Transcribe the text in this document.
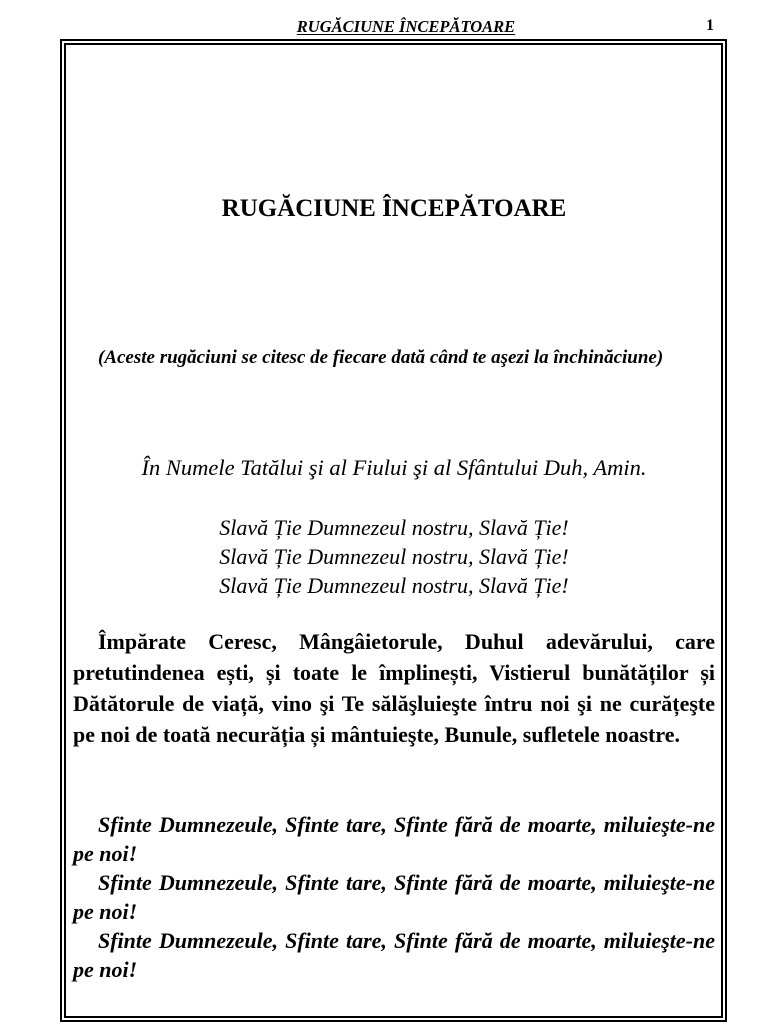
RUGĂCIUNE ÎNCEPĂTOARE	1
RUGĂCIUNE ÎNCEPĂTOARE
(Aceste rugăciuni se citesc de fiecare dată când te aşezi la închinăciune)
În Numele Tatălui şi al Fiului şi al Sfântului Duh, Amin.
Slavă Ție Dumnezeul nostru, Slavă Ție!
Slavă Ție Dumnezeul nostru, Slavă Ție!
Slavă Ție Dumnezeul nostru, Slavă Ție!
Împărate Ceresc, Mângâietorule, Duhul adevărului, care pretutindenea ești, și toate le împlinești, Vistierul bunătăților și Dătătorule de viață, vino şi Te sălăşluieşte întru noi şi ne curățeşte pe noi de toată necurăția și mântuieşte, Bunule, sufletele noastre.

Sfinte Dumnezeule, Sfinte tare, Sfinte fără de moarte, miluieşte-ne pe noi!

Sfinte Dumnezeule, Sfinte tare, Sfinte fără de moarte, miluieşte-ne pe noi!

Sfinte Dumnezeule, Sfinte tare, Sfinte fără de moarte, miluieşte-ne pe noi!
